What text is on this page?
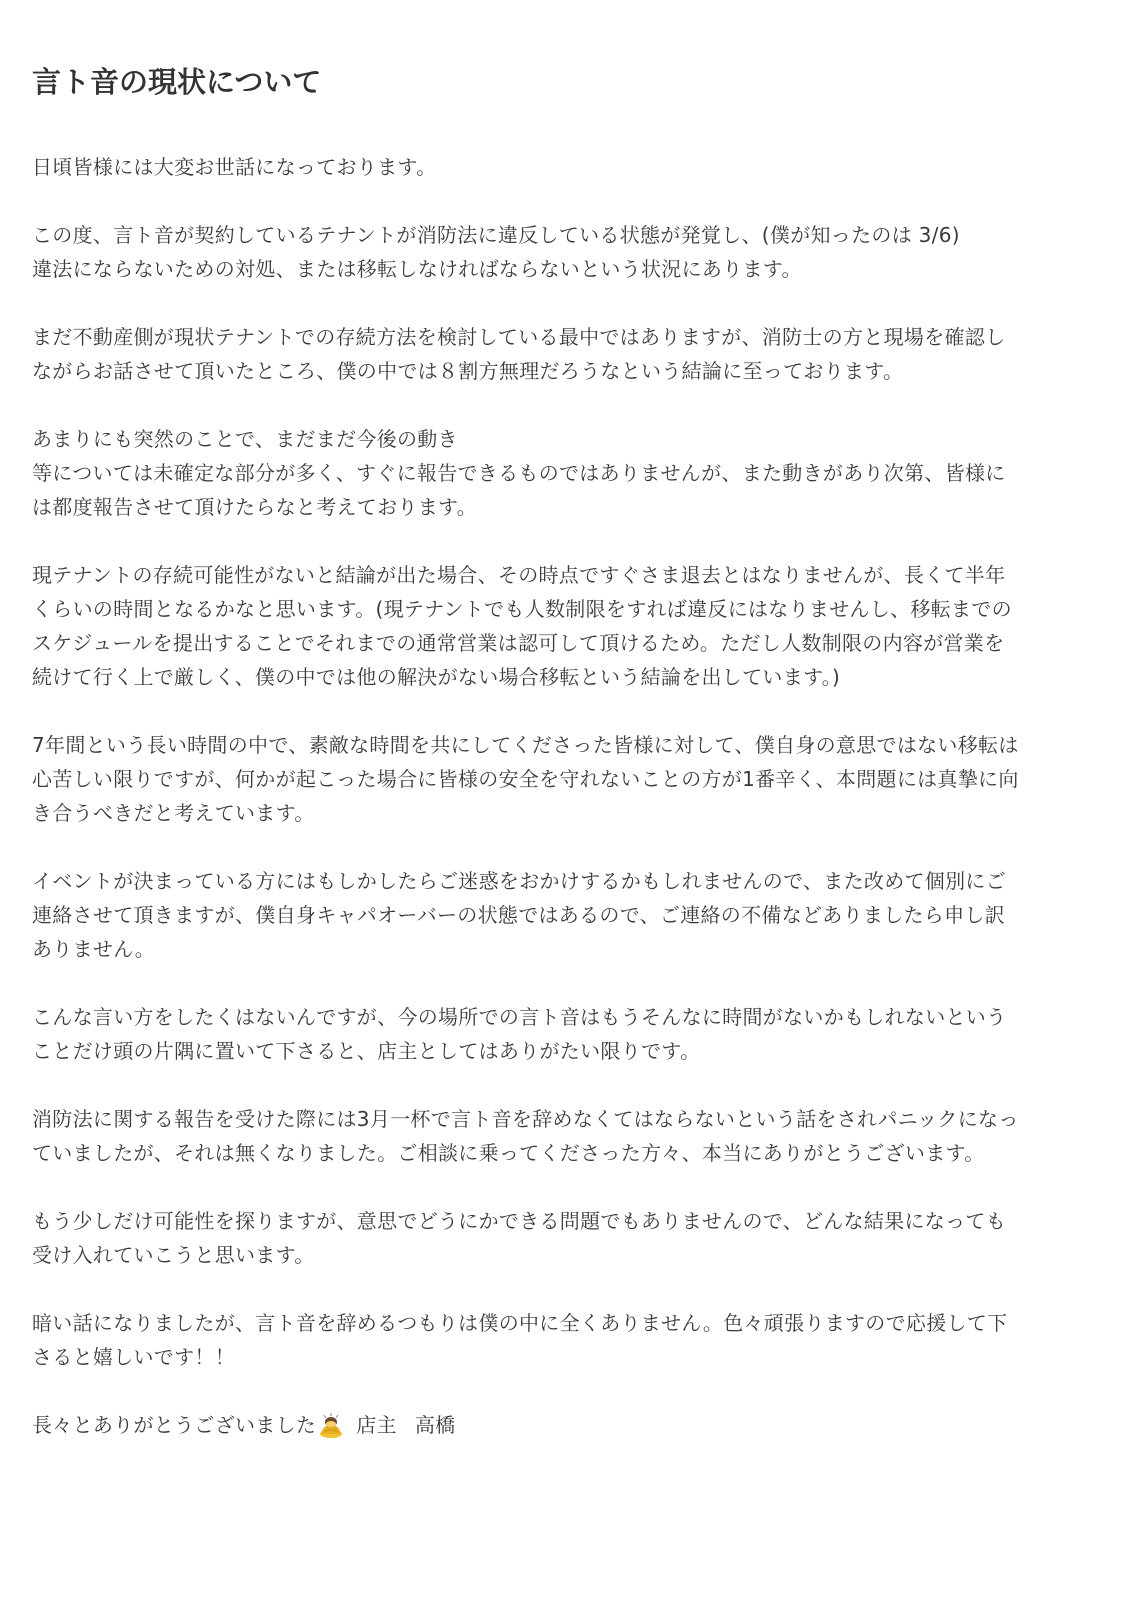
言ト音の現状について

日頃皆様には大変お世話になっております。

この度、言ト音が契約しているテナントが消防法に違反している状態が発覚し、(僕が知ったのは 3/6)
違法にならないための対処、または移転しなければならないという状況にあります。

まだ不動産側が現状テナントでの存続方法を検討している最中ではありますが、消防士の方と現場を確認し
ながらお話させて頂いたところ、僕の中では８割方無理だろうなという結論に至っております。

あまりにも突然のことで、まだまだ今後の動き
等については未確定な部分が多く、すぐに報告できるものではありませんが、また動きがあり次第、皆様に
は都度報告させて頂けたらなと考えております。

現テナントの存続可能性がないと結論が出た場合、その時点ですぐさま退去とはなりませんが、長くて半年
くらいの時間となるかなと思います。(現テナントでも人数制限をすれば違反にはなりませんし、移転までの
スケジュールを提出することでそれまでの通常営業は認可して頂けるため。ただし人数制限の内容が営業を
続けて行く上で厳しく、僕の中では他の解決がない場合移転という結論を出しています。)

7年間という長い時間の中で、素敵な時間を共にしてくださった皆様に対して、僕自身の意思ではない移転は
心苦しい限りですが、何かが起こった場合に皆様の安全を守れないことの方が1番辛く、本問題には真摯に向
き合うべきだと考えています。

イベントが決まっている方にはもしかしたらご迷惑をおかけするかもしれませんので、また改めて個別にご
連絡させて頂きますが、僕自身キャパオーバーの状態ではあるので、ご連絡の不備などありましたら申し訳
ありません。

こんな言い方をしたくはないんですが、今の場所での言ト音はもうそんなに時間がないかもしれないという
ことだけ頭の片隅に置いて下さると、店主としてはありがたい限りです。

消防法に関する報告を受けた際には3月一杯で言ト音を辞めなくてはならないという話をされパニックになっ
ていましたが、それは無くなりました。ご相談に乗ってくださった方々、本当にありがとうございます。

もう少しだけ可能性を探りますが、意思でどうにかできる問題でもありませんので、どんな結果になっても
受け入れていこうと思います。

暗い話になりましたが、言ト音を辞めるつもりは僕の中に全くありません。色々頑張りますので応援して下
さると嬉しいです！！

長々とありがとうございました 店主 高橋
